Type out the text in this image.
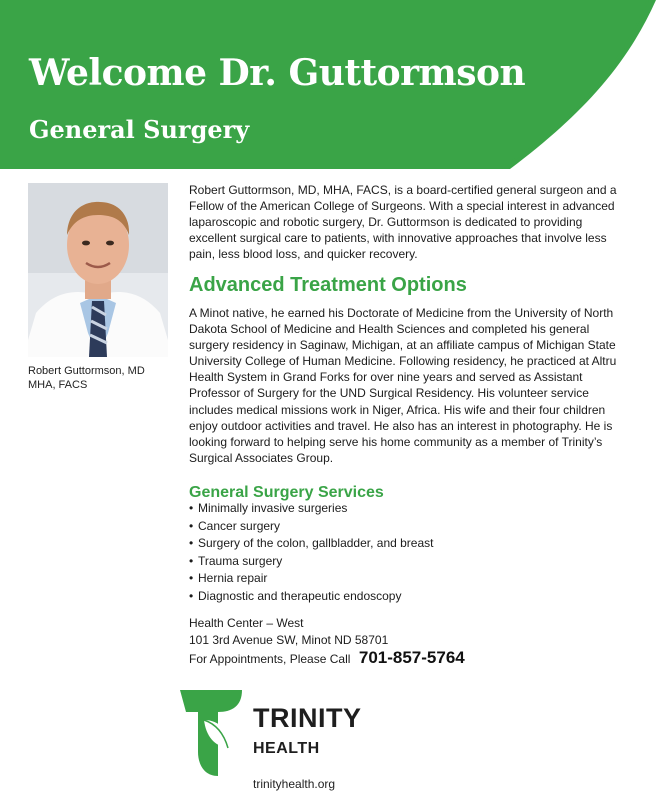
Welcome Dr. Guttormson
General Surgery
Robert Guttormson, MD
MHA, FACS

Robert Guttormson, MD, MHA, FACS, is a board-certified general surgeon and a Fellow of the American College of Surgeons. With a special interest in advanced laparoscopic and robotic surgery, Dr. Guttormson is dedicated to providing excellent surgical care to patients, with innovative approaches that involve less pain, less blood loss, and quicker recovery.

Advanced Treatment Options

A Minot native, he earned his Doctorate of Medicine from the University of North Dakota School of Medicine and Health Sciences and completed his general surgery residency in Saginaw, Michigan, at an affiliate campus of Michigan State University College of Human Medicine. Following residency, he practiced at Altru Health System in Grand Forks for over nine years and served as Assistant Professor of Surgery for the UND Surgical Residency. His volunteer service includes medical missions work in Niger, Africa. His wife and their four children enjoy outdoor activities and travel. He also has an interest in photography. He is looking forward to helping serve his home community as a member of Trinity’s Surgical Associates Group.

General Surgery Services
• Minimally invasive surgeries
• Cancer surgery
• Surgery of the colon, gallbladder, and breast
• Trauma surgery
• Hernia repair
• Diagnostic and therapeutic endoscopy
Health Center – West
101 3rd Avenue SW, Minot ND 58701
For Appointments, Please Call 701-857-5764
TRINITY
HEALTH
trinityhealth.org
